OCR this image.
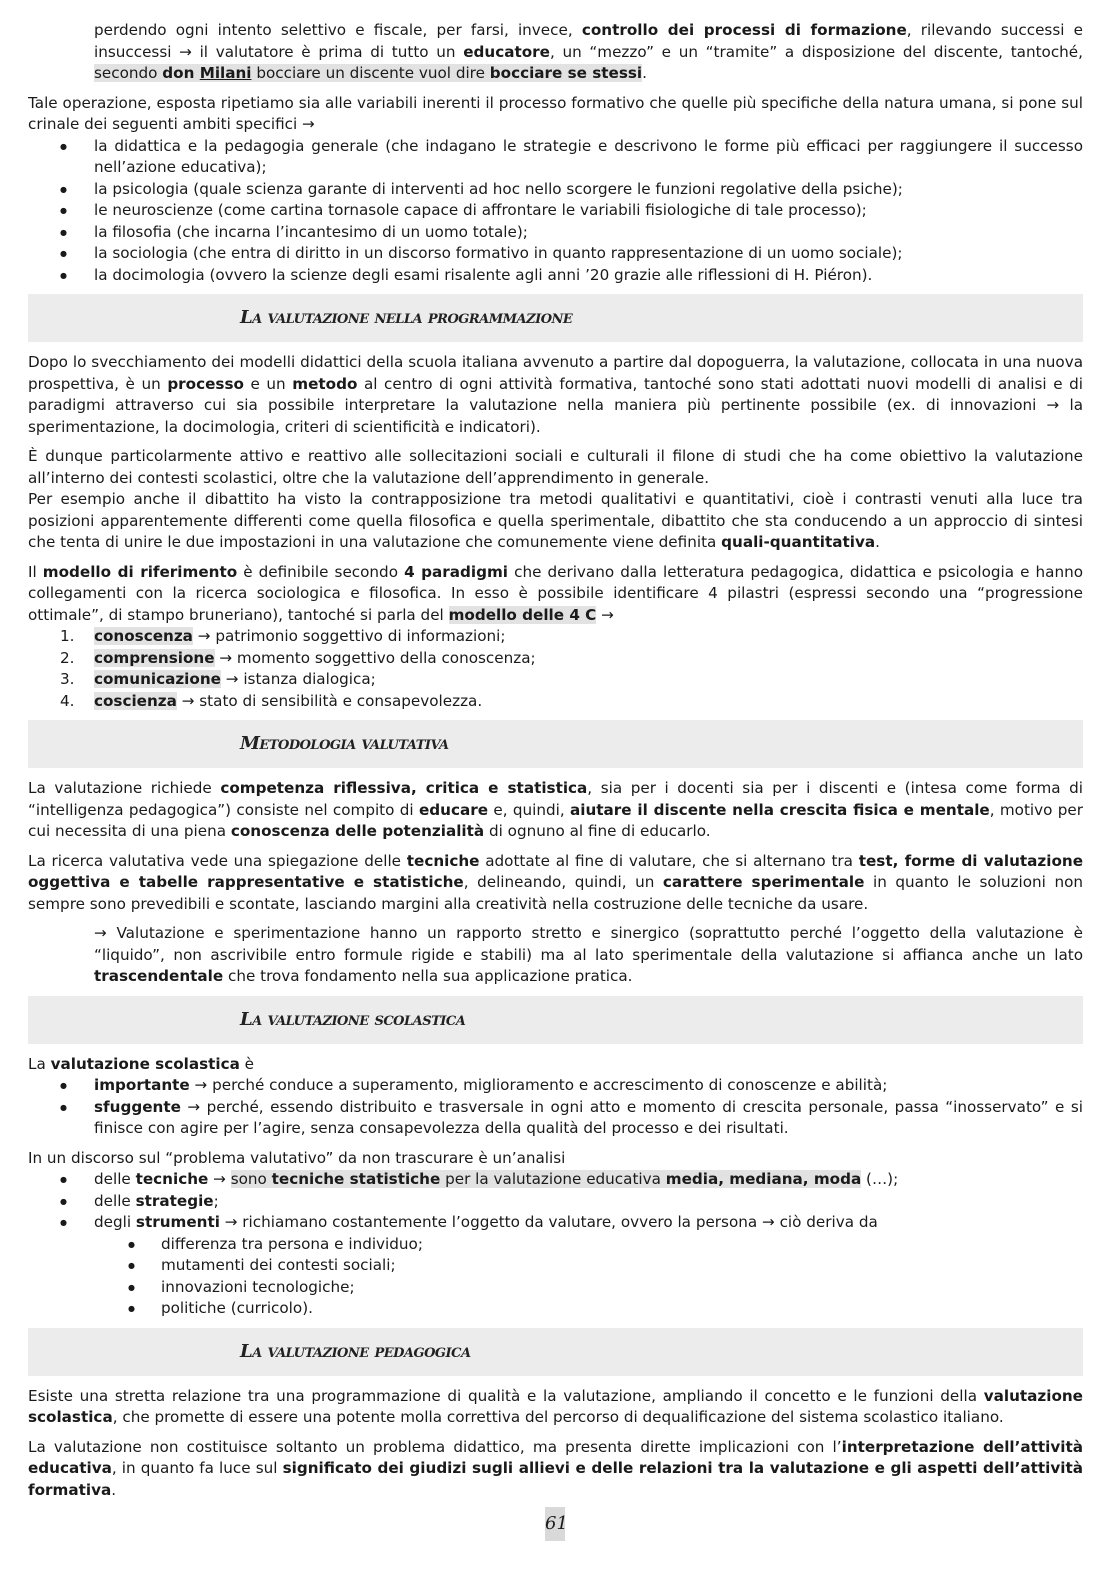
perdendo ogni intento selettivo e fiscale, per farsi, invece, controllo dei processi di formazione, rilevando successi e insuccessi → il valutatore è prima di tutto un educatore, un “mezzo” e un “tramite” a disposizione del discente, tantoché, secondo don Milani bocciare un discente vuol dire bocciare se stessi.

Tale operazione, esposta ripetiamo sia alle variabili inerenti il processo formativo che quelle più specifiche della natura umana, si pone sul crinale dei seguenti ambiti specifici →

● la didattica e la pedagogia generale (che indagano le strategie e descrivono le forme più efficaci per raggiungere il successo nell’azione educativa);
● la psicologia (quale scienza garante di interventi ad hoc nello scorgere le funzioni regolative della psiche);
● le neuroscienze (come cartina tornasole capace di affrontare le variabili fisiologiche di tale processo);
● la filosofia (che incarna l’incantesimo di un uomo totale);
● la sociologia (che entra di diritto in un discorso formativo in quanto rappresentazione di un uomo sociale);
● la docimologia (ovvero la scienze degli esami risalente agli anni ’20 grazie alle riflessioni di H. Piéron).
La valutazione nella programmazione

Dopo lo svecchiamento dei modelli didattici della scuola italiana avvenuto a partire dal dopoguerra, la valutazione, collocata in una nuova prospettiva, è un processo e un metodo al centro di ogni attività formativa, tantoché sono stati adottati nuovi modelli di analisi e di paradigmi attraverso cui sia possibile interpretare la valutazione nella maniera più pertinente possibile (ex. di innovazioni → la sperimentazione, la docimologia, criteri di scientificità e indicatori).

È dunque particolarmente attivo e reattivo alle sollecitazioni sociali e culturali il filone di studi che ha come obiettivo la valutazione all’interno dei contesti scolastici, oltre che la valutazione dell’apprendimento in generale.

Per esempio anche il dibattito ha visto la contrapposizione tra metodi qualitativi e quantitativi, cioè i contrasti venuti alla luce tra posizioni apparentemente differenti come quella filosofica e quella sperimentale, dibattito che sta conducendo a un approccio di sintesi che tenta di unire le due impostazioni in una valutazione che comunemente viene definita quali-quantitativa.

Il modello di riferimento è definibile secondo 4 paradigmi che derivano dalla letteratura pedagogica, didattica e psicologia e hanno collegamenti con la ricerca sociologica e filosofica. In esso è possibile identificare 4 pilastri (espressi secondo una “progressione ottimale”, di stampo bruneriano), tantoché si parla del modello delle 4 C →

1. conoscenza → patrimonio soggettivo di informazioni;
2. comprensione → momento soggettivo della conoscenza;
3. comunicazione → istanza dialogica;
4. coscienza → stato di sensibilità e consapevolezza.
Metodologia valutativa

La valutazione richiede competenza riflessiva, critica e statistica, sia per i docenti sia per i discenti e (intesa come forma di “intelligenza pedagogica”) consiste nel compito di educare e, quindi, aiutare il discente nella crescita fisica e mentale, motivo per cui necessita di una piena conoscenza delle potenzialità di ognuno al fine di educarlo.

La ricerca valutativa vede una spiegazione delle tecniche adottate al fine di valutare, che si alternano tra test, forme di valutazione oggettiva e tabelle rappresentative e statistiche, delineando, quindi, un carattere sperimentale in quanto le soluzioni non sempre sono prevedibili e scontate, lasciando margini alla creatività nella costruzione delle tecniche da usare.

→ Valutazione e sperimentazione hanno un rapporto stretto e sinergico (soprattutto perché l’oggetto della valutazione è “liquido”, non ascrivibile entro formule rigide e stabili) ma al lato sperimentale della valutazione si affianca anche un lato trascendentale che trova fondamento nella sua applicazione pratica.

La valutazione scolastica

La valutazione scolastica è

● importante → perché conduce a superamento, miglioramento e accrescimento di conoscenze e abilità;
● sfuggente → perché, essendo distribuito e trasversale in ogni atto e momento di crescita personale, passa “inosservato” e si finisce con agire per l’agire, senza consapevolezza della qualità del processo e dei risultati.

In un discorso sul “problema valutativo” da non trascurare è un’analisi

● delle tecniche → sono tecniche statistiche per la valutazione educativa media, mediana, moda (…);
● delle strategie;
● degli strumenti → richiamano costantemente l’oggetto da valutare, ovvero la persona → ciò deriva da
● differenza tra persona e individuo;
● mutamenti dei contesti sociali;
● innovazioni tecnologiche;
● politiche (curricolo).
La valutazione pedagogica

Esiste una stretta relazione tra una programmazione di qualità e la valutazione, ampliando il concetto e le funzioni della valutazione scolastica, che promette di essere una potente molla correttiva del percorso di dequalificazione del sistema scolastico italiano.

La valutazione non costituisce soltanto un problema didattico, ma presenta dirette implicazioni con l’interpretazione dell’attività educativa, in quanto fa luce sul significato dei giudizi sugli allievi e delle relazioni tra la valutazione e gli aspetti dell’attività formativa.

61
